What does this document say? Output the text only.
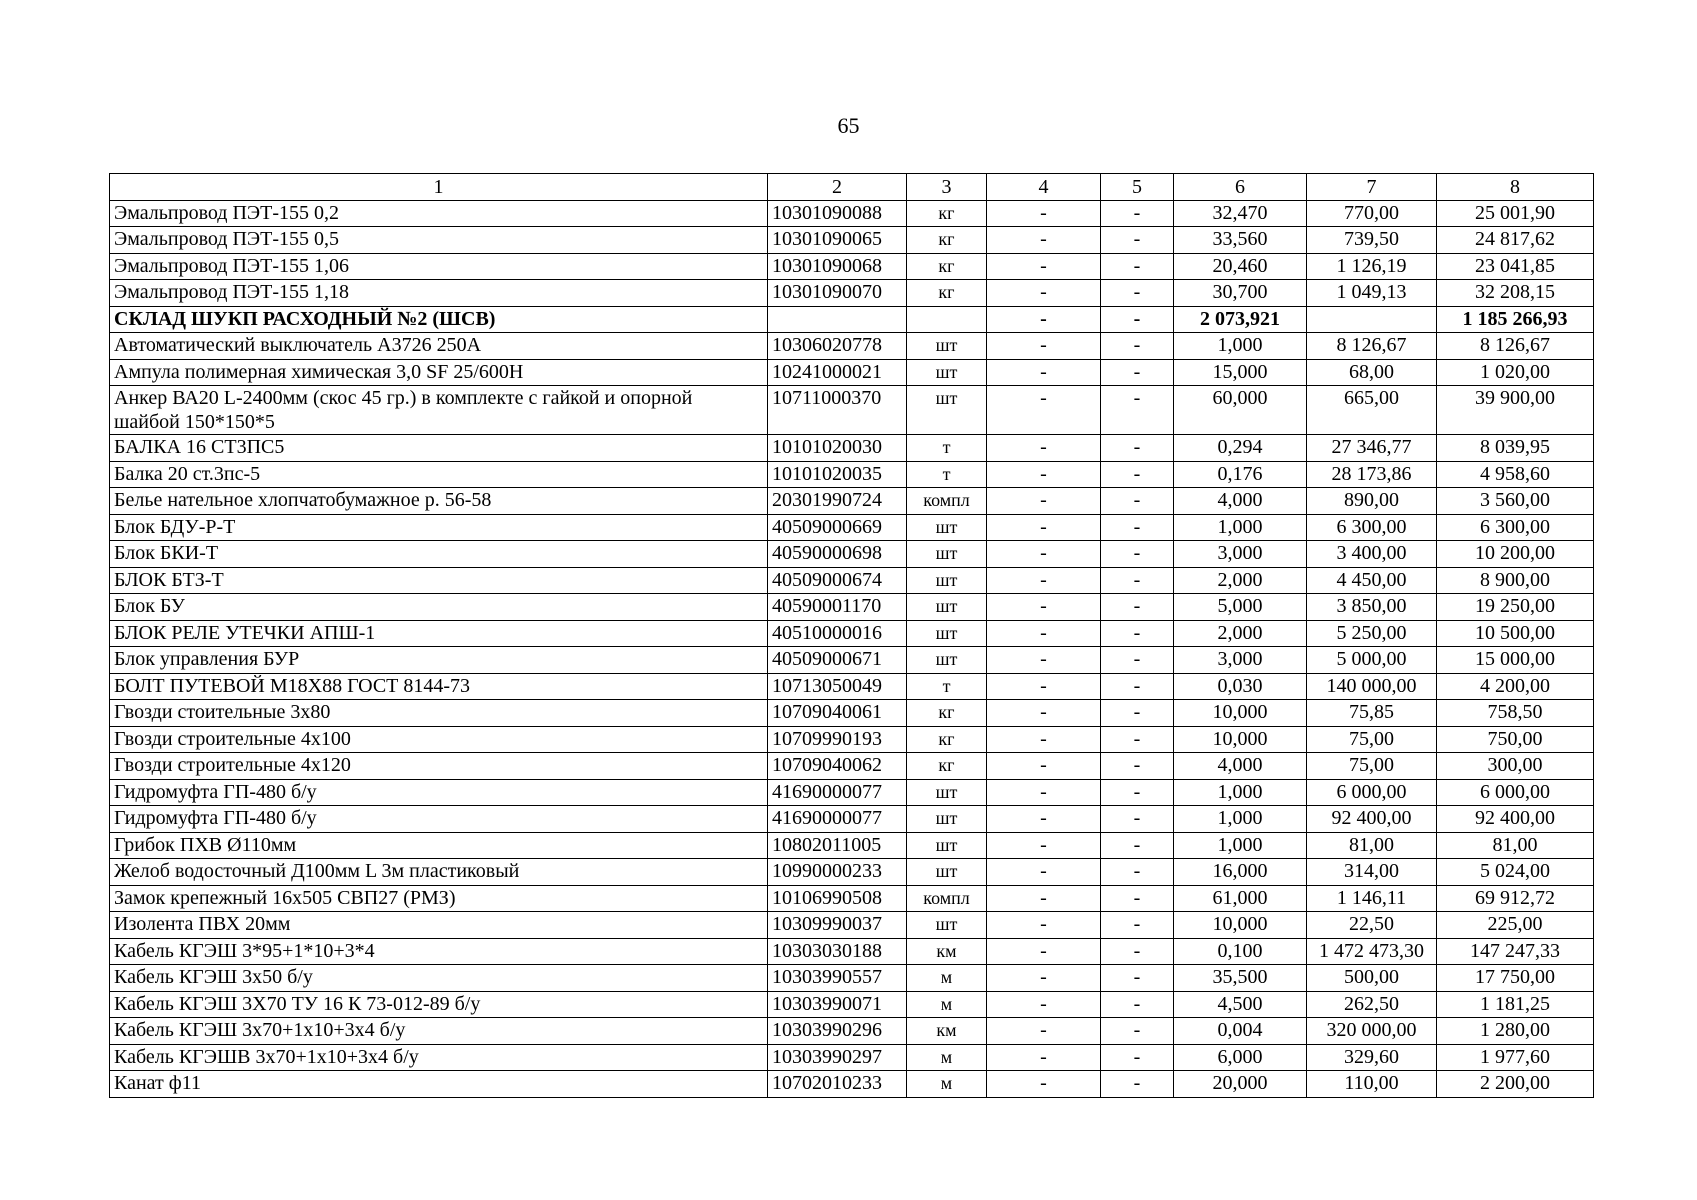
65
1	2	3	4	5	6	7	8
Эмальпровод ПЭТ-155 0,2	10301090088	кг	-	-	32,470	770,00	25 001,90
Эмальпровод ПЭТ-155 0,5	10301090065	кг	-	-	33,560	739,50	24 817,62
Эмальпровод ПЭТ-155 1,06	10301090068	кг	-	-	20,460	1 126,19	23 041,85
Эмальпровод ПЭТ-155 1,18	10301090070	кг	-	-	30,700	1 049,13	32 208,15
СКЛАД ШУКП РАСХОДНЫЙ №2 (ШСВ)			-	-	2 073,921		1 185 266,93
Автоматический выключатель А3726 250А	10306020778	шт	-	-	1,000	8 126,67	8 126,67
Ампула полимерная химическая 3,0 SF 25/600Н	10241000021	шт	-	-	15,000	68,00	1 020,00
Анкер ВА20 L-2400мм (скос 45 гр.) в комплекте с гайкой и опорной шайбой 150*150*5	10711000370	шт	-	-	60,000	665,00	39 900,00
БАЛКА 16 СТ3ПС5	10101020030	т	-	-	0,294	27 346,77	8 039,95
Балка 20 ст.3пс-5	10101020035	т	-	-	0,176	28 173,86	4 958,60
Белье нательное хлопчатобумажное р. 56-58	20301990724	компл	-	-	4,000	890,00	3 560,00
Блок БДУ-Р-Т	40509000669	шт	-	-	1,000	6 300,00	6 300,00
Блок БКИ-Т	40590000698	шт	-	-	3,000	3 400,00	10 200,00
БЛОК БТЗ-Т	40509000674	шт	-	-	2,000	4 450,00	8 900,00
Блок БУ	40590001170	шт	-	-	5,000	3 850,00	19 250,00
БЛОК РЕЛЕ УТЕЧКИ АПШ-1	40510000016	шт	-	-	2,000	5 250,00	10 500,00
Блок управления БУР	40509000671	шт	-	-	3,000	5 000,00	15 000,00
БОЛТ ПУТЕВОЙ М18Х88 ГОСТ 8144-73	10713050049	т	-	-	0,030	140 000,00	4 200,00
Гвозди стоительные 3х80	10709040061	кг	-	-	10,000	75,85	758,50
Гвозди строительные 4х100	10709990193	кг	-	-	10,000	75,00	750,00
Гвозди строительные 4х120	10709040062	кг	-	-	4,000	75,00	300,00
Гидромуфта ГП-480 б/у	41690000077	шт	-	-	1,000	6 000,00	6 000,00
Гидромуфта ГП-480 б/у	41690000077	шт	-	-	1,000	92 400,00	92 400,00
Грибок ПХВ Ø110мм	10802011005	шт	-	-	1,000	81,00	81,00
Желоб водосточный Д100мм L 3м пластиковый	10990000233	шт	-	-	16,000	314,00	5 024,00
Замок крепежный 16х505 СВП27 (РМЗ)	10106990508	компл	-	-	61,000	1 146,11	69 912,72
Изолента ПВХ 20мм	10309990037	шт	-	-	10,000	22,50	225,00
Кабель КГЭШ 3*95+1*10+3*4	10303030188	км	-	-	0,100	1 472 473,30	147 247,33
Кабель КГЭШ 3х50 б/у	10303990557	м	-	-	35,500	500,00	17 750,00
Кабель КГЭШ 3Х70 ТУ 16 К 73-012-89 б/у	10303990071	м	-	-	4,500	262,50	1 181,25
Кабель КГЭШ 3х70+1х10+3х4 б/у	10303990296	км	-	-	0,004	320 000,00	1 280,00
Кабель КГЭШВ 3х70+1х10+3х4 б/у	10303990297	м	-	-	6,000	329,60	1 977,60
Канат ф11	10702010233	м	-	-	20,000	110,00	2 200,00
